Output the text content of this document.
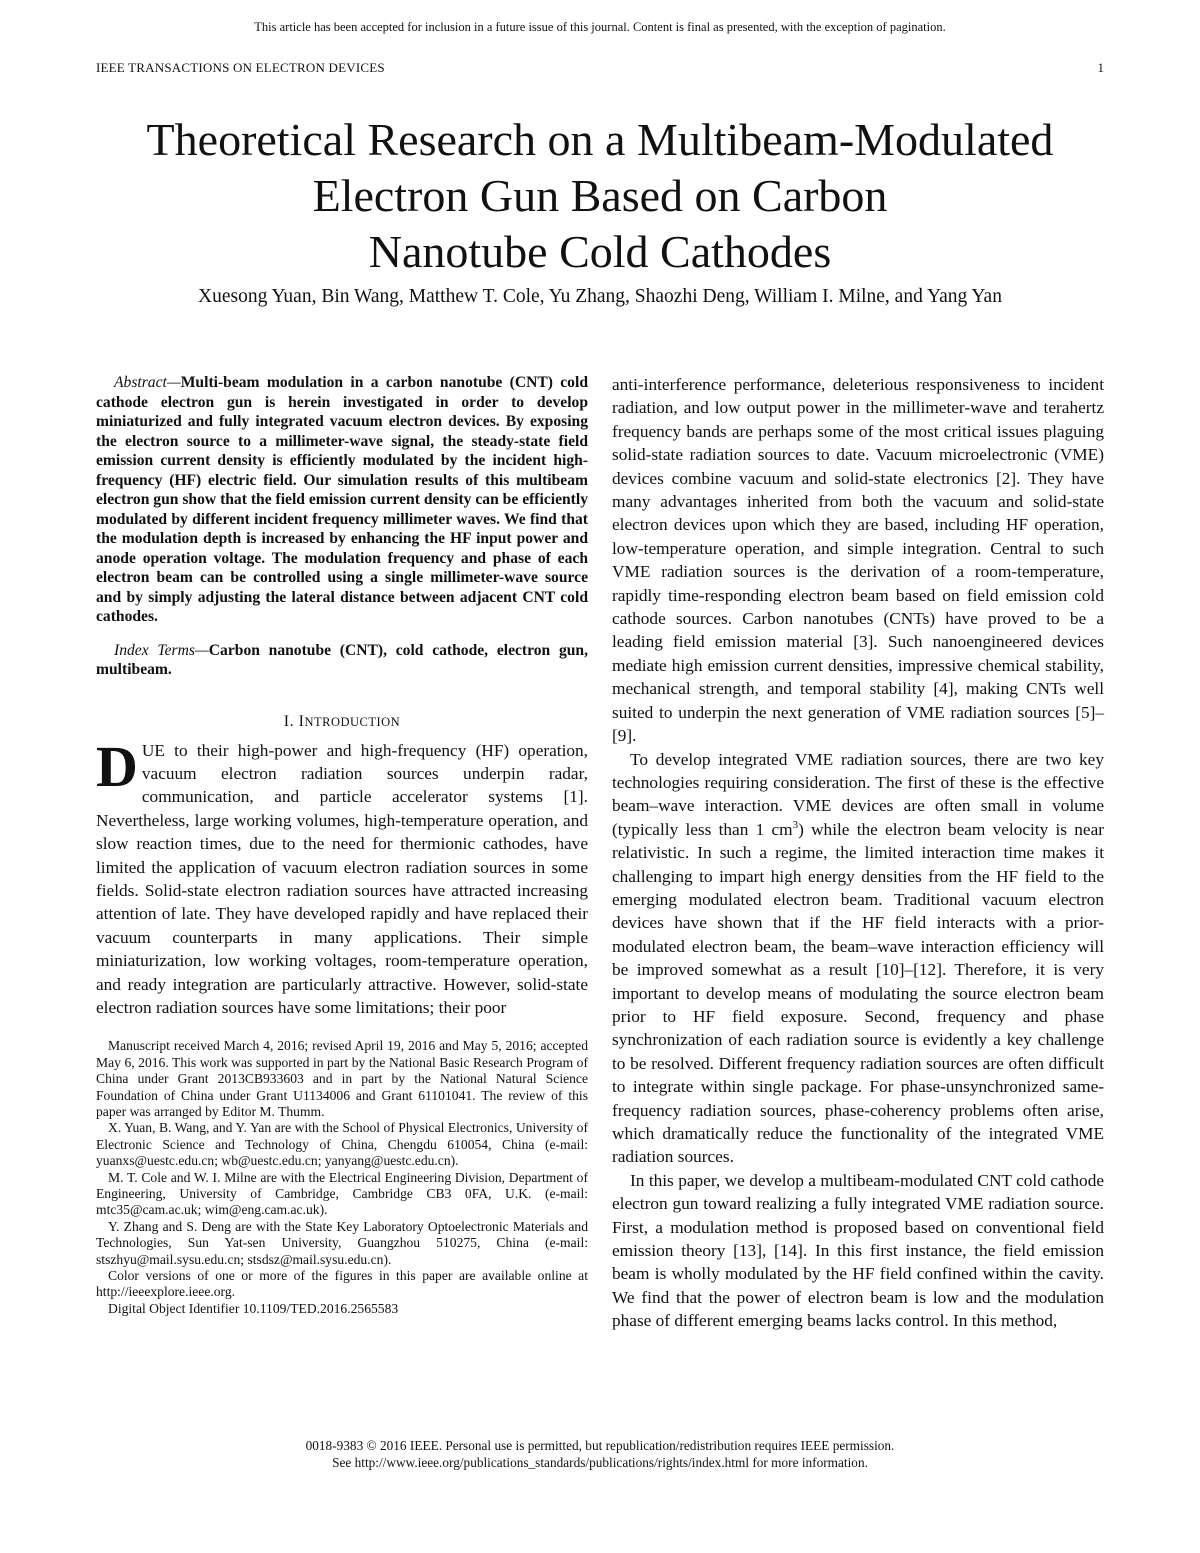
This article has been accepted for inclusion in a future issue of this journal. Content is final as presented, with the exception of pagination.
IEEE TRANSACTIONS ON ELECTRON DEVICES	1
Theoretical Research on a Multibeam-Modulated
Electron Gun Based on Carbon
Nanotube Cold Cathodes
Xuesong Yuan, Bin Wang, Matthew T. Cole, Yu Zhang, Shaozhi Deng, William I. Milne, and Yang Yan

Abstract—Multi-beam modulation in a carbon nanotube (CNT) cold cathode electron gun is herein investigated in order to develop miniaturized and fully integrated vacuum electron devices. By exposing the electron source to a millimeter-wave signal, the steady-state field emission current density is efficiently modulated by the incident high-frequency (HF) electric field. Our simulation results of this multibeam electron gun show that the field emission current density can be efficiently modulated by different incident frequency millimeter waves. We find that the modulation depth is increased by enhancing the HF input power and anode operation voltage. The modulation frequency and phase of each electron beam can be controlled using a single millimeter-wave source and by simply adjusting the lateral distance between adjacent CNT cold cathodes.

Index Terms—Carbon nanotube (CNT), cold cathode, electron gun, multibeam.

I. INTRODUCTION

DUE to their high-power and high-frequency (HF) operation, vacuum electron radiation sources underpin radar, communication, and particle accelerator systems [1]. Nevertheless, large working volumes, high-temperature operation, and slow reaction times, due to the need for thermionic cathodes, have limited the application of vacuum electron radiation sources in some fields. Solid-state electron radiation sources have attracted increasing attention of late. They have developed rapidly and have replaced their vacuum counterparts in many applications. Their simple miniaturization, low working voltages, room-temperature operation, and ready integration are particularly attractive. However, solid-state electron radiation sources have some limitations; their poor

Manuscript received March 4, 2016; revised April 19, 2016 and May 5, 2016; accepted May 6, 2016. This work was supported in part by the National Basic Research Program of China under Grant 2013CB933603 and in part by the National Natural Science Foundation of China under Grant U1134006 and Grant 61101041. The review of this paper was arranged by Editor M. Thumm.

X. Yuan, B. Wang, and Y. Yan are with the School of Physical Electronics, University of Electronic Science and Technology of China, Chengdu 610054, China (e-mail: yuanxs@uestc.edu.cn; wb@uestc.edu.cn; yanyang@uestc.edu.cn).

M. T. Cole and W. I. Milne are with the Electrical Engineering Division, Department of Engineering, University of Cambridge, Cambridge CB3 0FA, U.K. (e-mail: mtc35@cam.ac.uk; wim@eng.cam.ac.uk).

Y. Zhang and S. Deng are with the State Key Laboratory Optoelectronic Materials and Technologies, Sun Yat-sen University, Guangzhou 510275, China (e-mail: stszhyu@mail.sysu.edu.cn; stsdsz@mail.sysu.edu.cn).

Color versions of one or more of the figures in this paper are available online at http://ieeexplore.ieee.org.

Digital Object Identifier 10.1109/TED.2016.2565583

anti-interference performance, deleterious responsiveness to incident radiation, and low output power in the millimeter-wave and terahertz frequency bands are perhaps some of the most critical issues plaguing solid-state radiation sources to date. Vacuum microelectronic (VME) devices combine vacuum and solid-state electronics [2]. They have many advantages inherited from both the vacuum and solid-state electron devices upon which they are based, including HF operation, low-temperature operation, and simple integration. Central to such VME radiation sources is the derivation of a room-temperature, rapidly time-responding electron beam based on field emission cold cathode sources. Carbon nanotubes (CNTs) have proved to be a leading field emission material [3]. Such nanoengineered devices mediate high emission current densities, impressive chemical stability, mechanical strength, and temporal stability [4], making CNTs well suited to underpin the next generation of VME radiation sources [5]–[9].

To develop integrated VME radiation sources, there are two key technologies requiring consideration. The first of these is the effective beam–wave interaction. VME devices are often small in volume (typically less than 1 $cm^3$) while the electron beam velocity is near relativistic. In such a regime, the limited interaction time makes it challenging to impart high energy densities from the HF field to the emerging modulated electron beam. Traditional vacuum electron devices have shown that if the HF field interacts with a prior-modulated electron beam, the beam–wave interaction efficiency will be improved somewhat as a result [10]–[12]. Therefore, it is very important to develop means of modulating the source electron beam prior to HF field exposure. Second, frequency and phase synchronization of each radiation source is evidently a key challenge to be resolved. Different frequency radiation sources are often difficult to integrate within single package. For phase-unsynchronized same-frequency radiation sources, phase-coherency problems often arise, which dramatically reduce the functionality of the integrated VME radiation sources.

In this paper, we develop a multibeam-modulated CNT cold cathode electron gun toward realizing a fully integrated VME radiation source. First, a modulation method is proposed based on conventional field emission theory [13], [14]. In this first instance, the field emission beam is wholly modulated by the HF field confined within the cavity. We find that the power of electron beam is low and the modulation phase of different emerging beams lacks control. In this method,

0018-9383 © 2016 IEEE. Personal use is permitted, but republication/redistribution requires IEEE permission.
See http://www.ieee.org/publications_standards/publications/rights/index.html for more information.
